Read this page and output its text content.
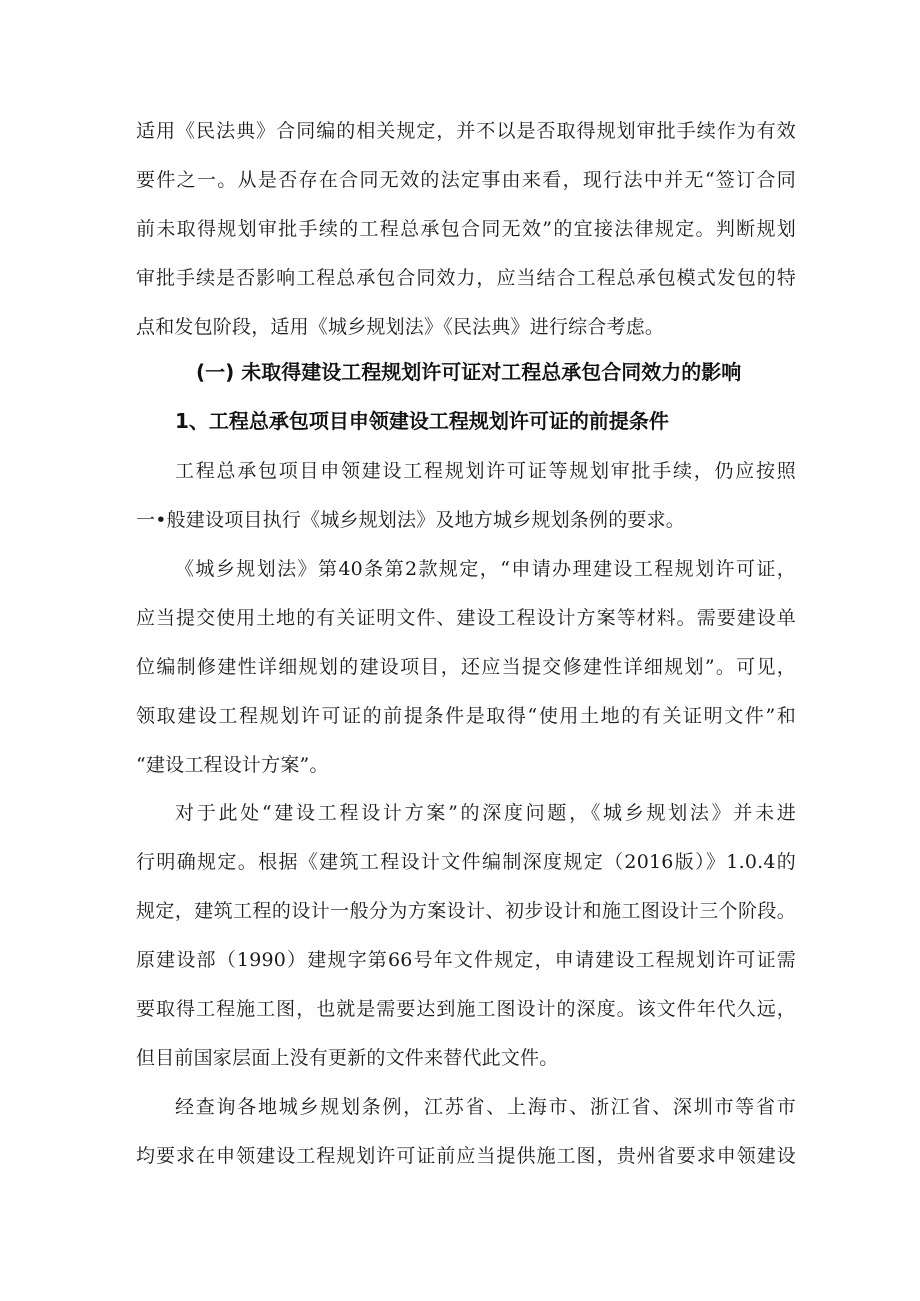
适用《民法典》合同编的相关规定，并不以是否取得规划审批手续作为有效
要件之一。从是否存在合同无效的法定事由来看，现行法中并无“签订合同
前未取得规划审批手续的工程总承包合同无效”的宜接法律规定。判断规划
审批手续是否影响工程总承包合同效力，应当结合工程总承包模式发包的特
点和发包阶段，适用《城乡规划法》《民法典》进行综合考虑。
(一) 未取得建设工程规划许可证对工程总承包合同效力的影响
1、工程总承包项目申领建设工程规划许可证的前提条件
工程总承包项目申领建设工程规划许可证等规划审批手续，仍应按照
一•般建设项目执行《城乡规划法》及地方城乡规划条例的要求。
《城乡规划法》第40条第2款规定，“申请办理建设工程规划许可证，
应当提交使用土地的有关证明文件、建设工程设计方案等材料。需要建设单
位编制修建性详细规划的建设项目，还应当提交修建性详细规划”。可见，
领取建设工程规划许可证的前提条件是取得“使用土地的有关证明文件”和
“建设工程设计方案”。
对于此处“建设工程设计方案”的深度问题，《城乡规划法》并未进
行明确规定。根据《建筑工程设计文件编制深度规定（2016版）》1.0.4的
规定，建筑工程的设计一般分为方案设计、初步设计和施工图设计三个阶段。
原建设部（1990）建规字第66号年文件规定，申请建设工程规划许可证需
要取得工程施工图，也就是需要达到施工图设计的深度。该文件年代久远，
但目前国家层面上没有更新的文件来替代此文件。
经查询各地城乡规划条例，江苏省、上海市、浙江省、深圳市等省市
均要求在申领建设工程规划许可证前应当提供施工图，贵州省要求申领建设
